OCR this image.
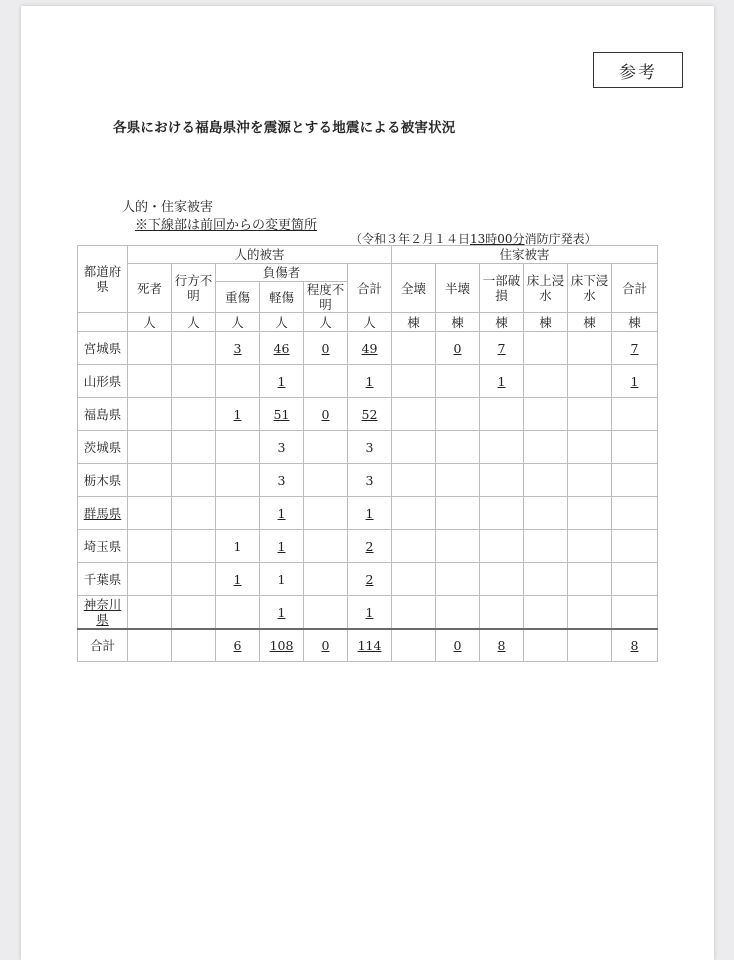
参考
各県における福島県沖を震源とする地震による被害状況
人的・住家被害
※下線部は前回からの変更箇所
（令和３年２月１４日13時00分消防庁発表）
都道府県	人的被害						住家被害					
	死者	行方不明	負傷者			合計	全壊	半壊	一部破損	床上浸水	床下浸水	合計
			重傷	軽傷	程度不明							
	人	人	人	人	人	人	棟	棟	棟	棟	棟	棟
宮城県			3	46	0	49		0	7			7
山形県				1		1			1			1
福島県			1	51	0	52						
茨城県				3		3						
栃木県				3		3						
群馬県				1		1						
埼玉県			1	1		2						
千葉県			1	1		2						
神奈川県				1		1						
合計			6	108	0	114		0	8			8
